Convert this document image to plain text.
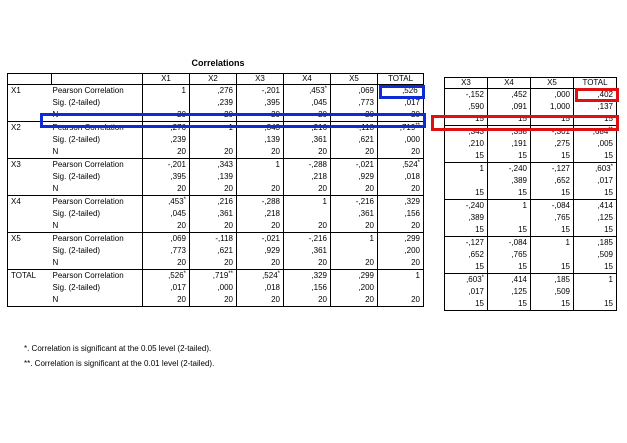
Correlations
		X1	X2	X3	X4	X5	TOTAL
X1	Pearson Correlation	1	,276	-,201	,453*	,069	,526*
	Sig. (2-tailed)		,239	,395	,045	,773	,017
	N	20	20	20	20	20	20
X2	Pearson Correlation	,276	1	,343	,216	-,118	,719**
	Sig. (2-tailed)	,239		,139	,361	,621	,000
	N	20	20	20	20	20	20
X3	Pearson Correlation	-,201	,343	1	-,288	-,021	,524*
	Sig. (2-tailed)	,395	,139		,218	,929	,018
	N	20	20	20	20	20	20
X4	Pearson Correlation	,453*	,216	-,288	1	-,216	,329
	Sig. (2-tailed)	,045	,361	,218		,361	,156
	N	20	20	20	20	20	20
X5	Pearson Correlation	,069	-,118	-,021	-,216	1	,299
	Sig. (2-tailed)	,773	,621	,929	,361		,200
	N	20	20	20	20	20	20
TOTAL	Pearson Correlation	,526*	,719**	,524*	,329	,299	1
	Sig. (2-tailed)	,017	,000	,018	,156	,200	
	N	20	20	20	20	20	20
X3	X4	X5	TOTAL
-,152	,452	,000	,402
,590	,091	1,000	,137
15	15	15	15
,343	,358	-,301	,684**
,210	,191	,275	,005
15	15	15	15
1	-,240	-,127	,603*
	,389	,652	,017
15	15	15	15
-,240	1	-,084	,414
,389		,765	,125
15	15	15	15
-,127	-,084	1	,185
,652	,765		,509
15	15	15	15
,603*	,414	,185	1
,017	,125	,509	
15	15	15	15
*. Correlation is significant at the 0.05 level (2-tailed).
**. Correlation is significant at the 0.01 level (2-tailed).
